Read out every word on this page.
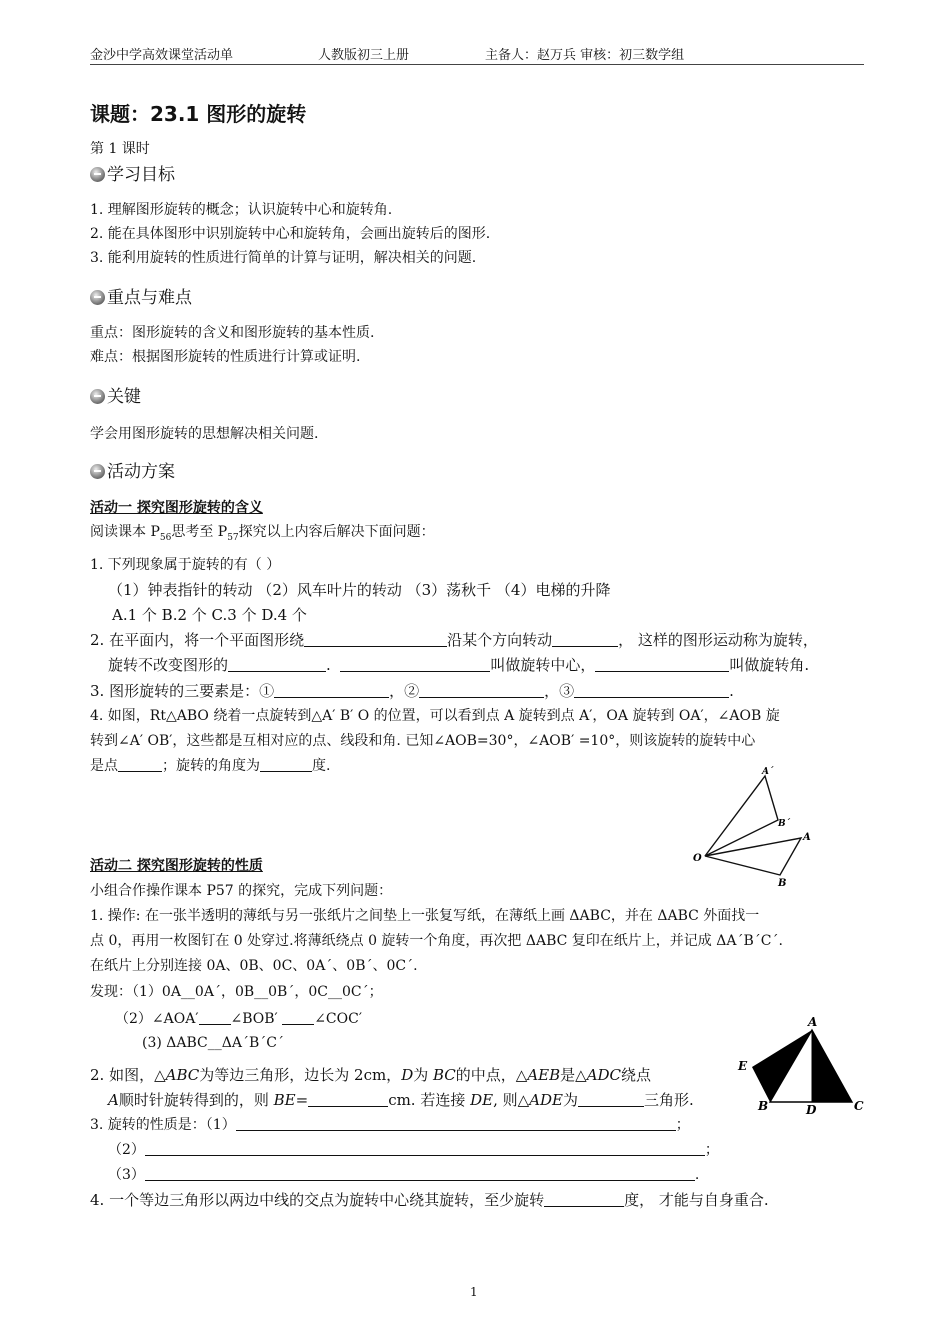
金沙中学高效课堂活动单	人教版初三上册	主备人：赵万兵 审核：初三数学组
课题：23.1 图形的旋转
第 1 课时
学习目标
1. 理解图形旋转的概念；认识旋转中心和旋转角.
2. 能在具体图形中识别旋转中心和旋转角，会画出旋转后的图形.
3. 能利用旋转的性质进行简单的计算与证明，解决相关的问题.
重点与难点
重点：图形旋转的含义和图形旋转的基本性质.
难点：根据图形旋转的性质进行计算或证明.
关键
学会用图形旋转的思想解决相关问题.
活动方案
活动一 探究图形旋转的含义
阅读课本 $P_{56}$思考至 $P_{57}$探究以上内容后解决下面问题：
1. 下列现象属于旋转的有（ ）
（1）钟表指针的转动 （2）风车叶片的转动 （3）荡秋千 （4）电梯的升降
A.1 个 B.2 个 C.3 个 D.4 个
2. 在平面内，将一个平面图形绕	沿某个方向转动	， 这样的图形运动称为旋转，
旋转不改变图形的	.	叫做旋转中心，	叫做旋转角.
3. 图形旋转的三要素是：①	，②	，③	.
4. 如图，Rt△ABO 绕着一点旋转到△A′ B′ O 的位置，可以看到点 A 旋转到点 A′，OA 旋转到 OA′，∠AOB 旋
转到∠A′ OB′，这些都是互相对应的点、线段和角. 已知∠AOB=30°，∠AOB′ =10°，则该旋转的旋转中心
是点	；旋转的角度为	度.	A´
B´
A
O
B
活动二 探究图形旋转的性质
小组合作操作课本 P57 的探究，完成下列问题：
1. 操作: 在一张半透明的薄纸与另一张纸片之间垫上一张复写纸，在薄纸上画 ΔABC，并在 ΔABC 外面找一
点 0，再用一枚图钉在 0 处穿过.将薄纸绕点 0 旋转一个角度，再次把 ΔABC 复印在纸片上，并记成 ΔA´B´C´.
在纸片上分别连接 0A、0B、0C、0A´、0B´、0C´.
发现：（1）0A__0A´，0B__0B´，0C__0C´；
（2）∠AOA′ ∠BOB′	∠COC′
(3) ΔABC__ΔA´B´C´
2. 如图，△ABC为等边三角形，边长为 2cm，D为 BC的中点，△AEB是△ADC绕点
A顺时针旋转得到的，则 BE=	cm. 若连接 DE, 则△ADE为	三角形.
3. 旋转的性质是：（1）	；
（2）	；
（3）	.
4. 一个等边三角形以两边中线的交点为旋转中心绕其旋转，至少旋转	度， 才能与自身重合.
A
E
B	D	C
1
